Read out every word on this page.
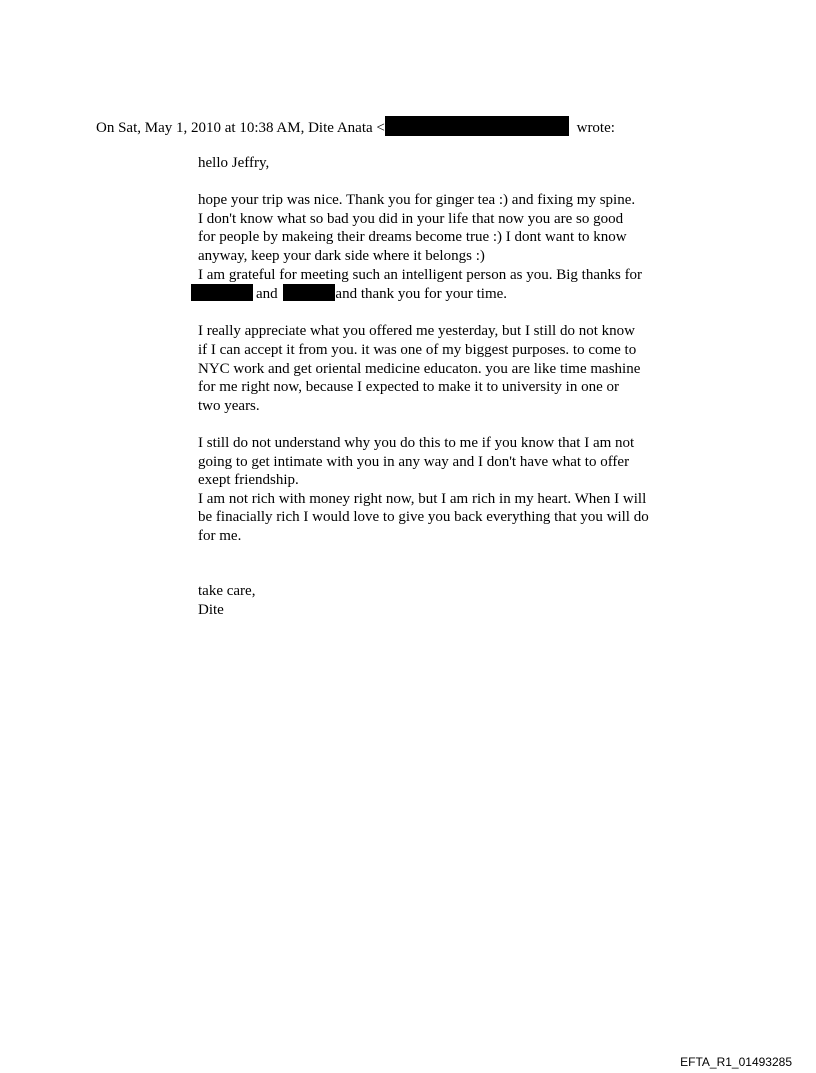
On Sat, May 1, 2010 at 10:38 AM, Dite Anata <	wrote:
hello Jeffry,
hope your trip was nice. Thank you for ginger tea :) and fixing my spine.
I don't know what so bad you did in your life that now you are so good
for people by makeing their dreams become true :) I dont want to know
anyway, keep your dark side where it belongs :)
I am grateful for meeting such an intelligent person as you. Big thanks for
and	and thank you for your time.
I really appreciate what you offered me yesterday, but I still do not know
if I can accept it from you. it was one of my biggest purposes. to come to
NYC work and get oriental medicine educaton. you are like time mashine
for me right now, because I expected to make it to university in one or
two years.
I still do not understand why you do this to me if you know that I am not
going to get intimate with you in any way and I don't have what to offer
exept friendship.
I am not rich with money right now, but I am rich in my heart. When I will
be finacially rich I would love to give you back everything that you will do
for me.
take care,
Dite
EFTA_R1_01493285
